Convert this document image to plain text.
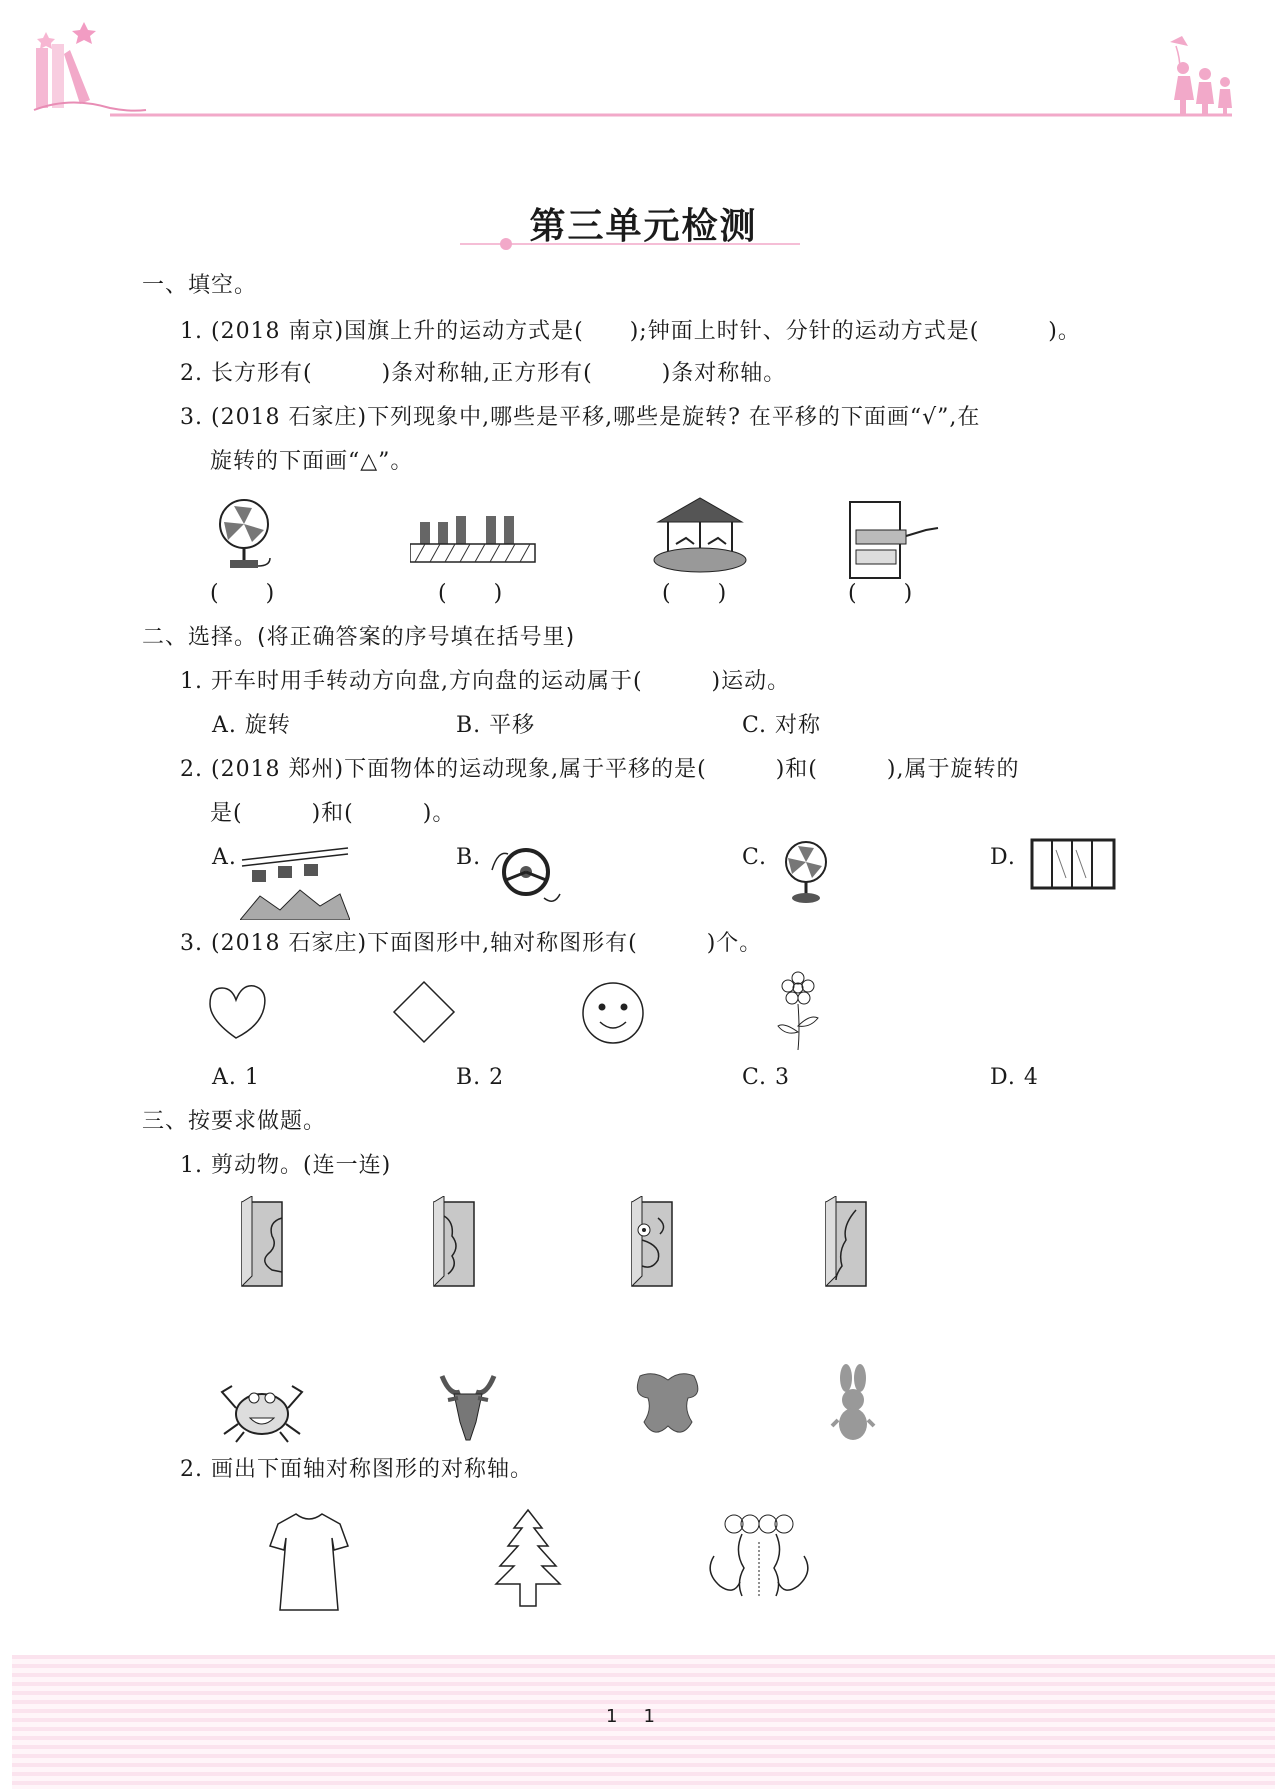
第三单元检测
一、填空。
1. (2018 南京)国旗上升的运动方式是(　　);钟面上时针、分针的运动方式是(　　　)。
2. 长方形有(　　　)条对称轴,正方形有(　　　)条对称轴。
3. (2018 石家庄)下列现象中,哪些是平移,哪些是旋转? 在平移的下面画“√”,在
旋转的下面画“△”。
(　　)	(　　)	(　　)	(　　)
二、选择。(将正确答案的序号填在括号里)
1. 开车时用手转动方向盘,方向盘的运动属于(　　　)运动。
A. 旋转	B. 平移	C. 对称
2. (2018 郑州)下面物体的运动现象,属于平移的是(　　　)和(　　　),属于旋转的
是(　　　)和(　　　)。
A.	B.	C.	D.
3. (2018 石家庄)下面图形中,轴对称图形有(　　　)个。
A. 1	B. 2	C. 3	D. 4
三、按要求做题。
1. 剪动物。(连一连)
2. 画出下面轴对称图形的对称轴。
1　1
